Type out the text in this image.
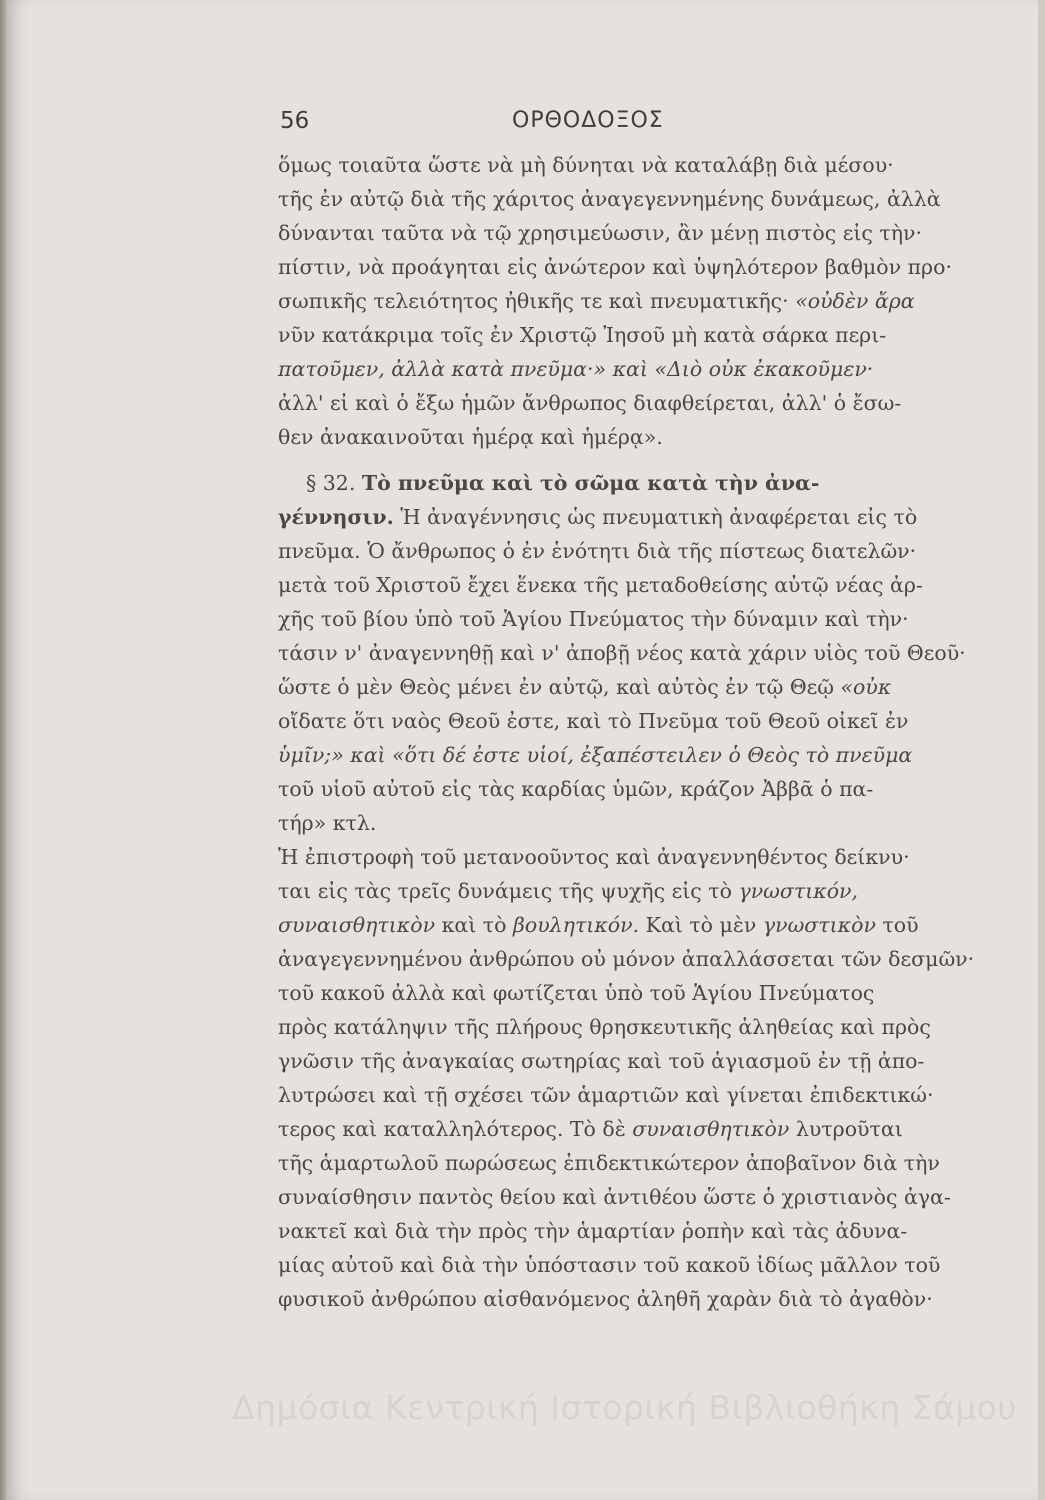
56	ΟΡΘΟΔΟΞΟΣ
ὅμως τοιαῦτα ὥστε νὰ μὴ δύνηται νὰ καταλάβῃ διὰ μέσου·
τῆς ἐν αὐτῷ διὰ τῆς χάριτος ἀναγεγεννημένης δυνάμεως, ἀλλὰ
δύνανται ταῦτα νὰ τῷ χρησιμεύωσιν, ἂν μένῃ πιστὸς εἰς τὴν·
πίστιν, νὰ προάγηται εἰς ἀνώτερον καὶ ὑψηλότερον βαθμὸν προ·
σωπικῆς τελειότητος ἠθικῆς τε καὶ πνευματικῆς· «οὐδὲν ἄρα
νῦν κατάκριμα τοῖς ἐν Χριστῷ Ἰησοῦ μὴ κατὰ σάρκα περι-
πατοῦμεν, ἀλλὰ κατὰ πνεῦμα·» καὶ «Διὸ οὐκ ἐκακοῦμεν·
ἀλλ' εἰ καὶ ὁ ἔξω ἡμῶν ἄνθρωπος διαφθείρεται, ἀλλ' ὁ ἔσω-
θεν ἀνακαινοῦται ἡμέρᾳ καὶ ἡμέρᾳ».
§ 32. Τὸ πνεῦμα καὶ τὸ σῶμα κατὰ τὴν ἀνα-
γέννησιν. Ἡ ἀναγέννησις ὡς πνευματικὴ ἀναφέρεται εἰς τὸ
πνεῦμα. Ὁ ἄνθρωπος ὁ ἐν ἑνότητι διὰ τῆς πίστεως διατελῶν·
μετὰ τοῦ Χριστοῦ ἔχει ἕνεκα τῆς μεταδοθείσης αὐτῷ νέας ἀρ-
χῆς τοῦ βίου ὑπὸ τοῦ Ἁγίου Πνεύματος τὴν δύναμιν καὶ τὴν·
τάσιν ν' ἀναγεννηθῇ καὶ ν' ἀποβῇ νέος κατὰ χάριν υἱὸς τοῦ Θεοῦ·
ὥστε ὁ μὲν Θεὸς μένει ἐν αὐτῷ, καὶ αὐτὸς ἐν τῷ Θεῷ «οὐκ
οἴδατε ὅτι ναὸς Θεοῦ ἐστε, καὶ τὸ Πνεῦμα τοῦ Θεοῦ οἰκεῖ ἐν
ὑμῖν;» καὶ «ὅτι δέ ἐστε υἱοί, ἐξαπέστειλεν ὁ Θεὸς τὸ πνεῦμα
τοῦ υἱοῦ αὐτοῦ εἰς τὰς καρδίας ὑμῶν, κράζον Ἀββᾶ ὁ πα-
τήρ» κτλ.
Ἡ ἐπιστροφὴ τοῦ μετανοοῦντος καὶ ἀναγεννηθέντος δείκνυ·
ται εἰς τὰς τρεῖς δυνάμεις τῆς ψυχῆς εἰς τὸ γνωστικόν,
συναισθητικὸν καὶ τὸ βουλητικόν. Καὶ τὸ μὲν γνωστικὸν τοῦ
ἀναγεγεννημένου ἀνθρώπου οὐ μόνον ἀπαλλάσσεται τῶν δεσμῶν·
τοῦ κακοῦ ἀλλὰ καὶ φωτίζεται ὑπὸ τοῦ Ἁγίου Πνεύματος
πρὸς κατάληψιν τῆς πλήρους θρησκευτικῆς ἀληθείας καὶ πρὸς
γνῶσιν τῆς ἀναγκαίας σωτηρίας καὶ τοῦ ἁγιασμοῦ ἐν τῇ ἀπο-
λυτρώσει καὶ τῇ σχέσει τῶν ἁμαρτιῶν καὶ γίνεται ἐπιδεκτικώ·
τερος καὶ καταλληλότερος. Τὸ δὲ συναισθητικὸν λυτροῦται
τῆς ἁμαρτωλοῦ πωρώσεως ἐπιδεκτικώτερον ἀποβαῖνον διὰ τὴν
συναίσθησιν παντὸς θείου καὶ ἀντιθέου ὥστε ὁ χριστιανὸς ἀγα-
νακτεῖ καὶ διὰ τὴν πρὸς τὴν ἁμαρτίαν ῥοπὴν καὶ τὰς ἀδυνα-
μίας αὐτοῦ καὶ διὰ τὴν ὑπόστασιν τοῦ κακοῦ ἰδίως μᾶλλον τοῦ
φυσικοῦ ἀνθρώπου αἰσθανόμενος ἀληθῆ χαρὰν διὰ τὸ ἀγαθὸν·
Δημόσια Κεντρική Ιστορική Βιβλιοθήκη Σάμου
